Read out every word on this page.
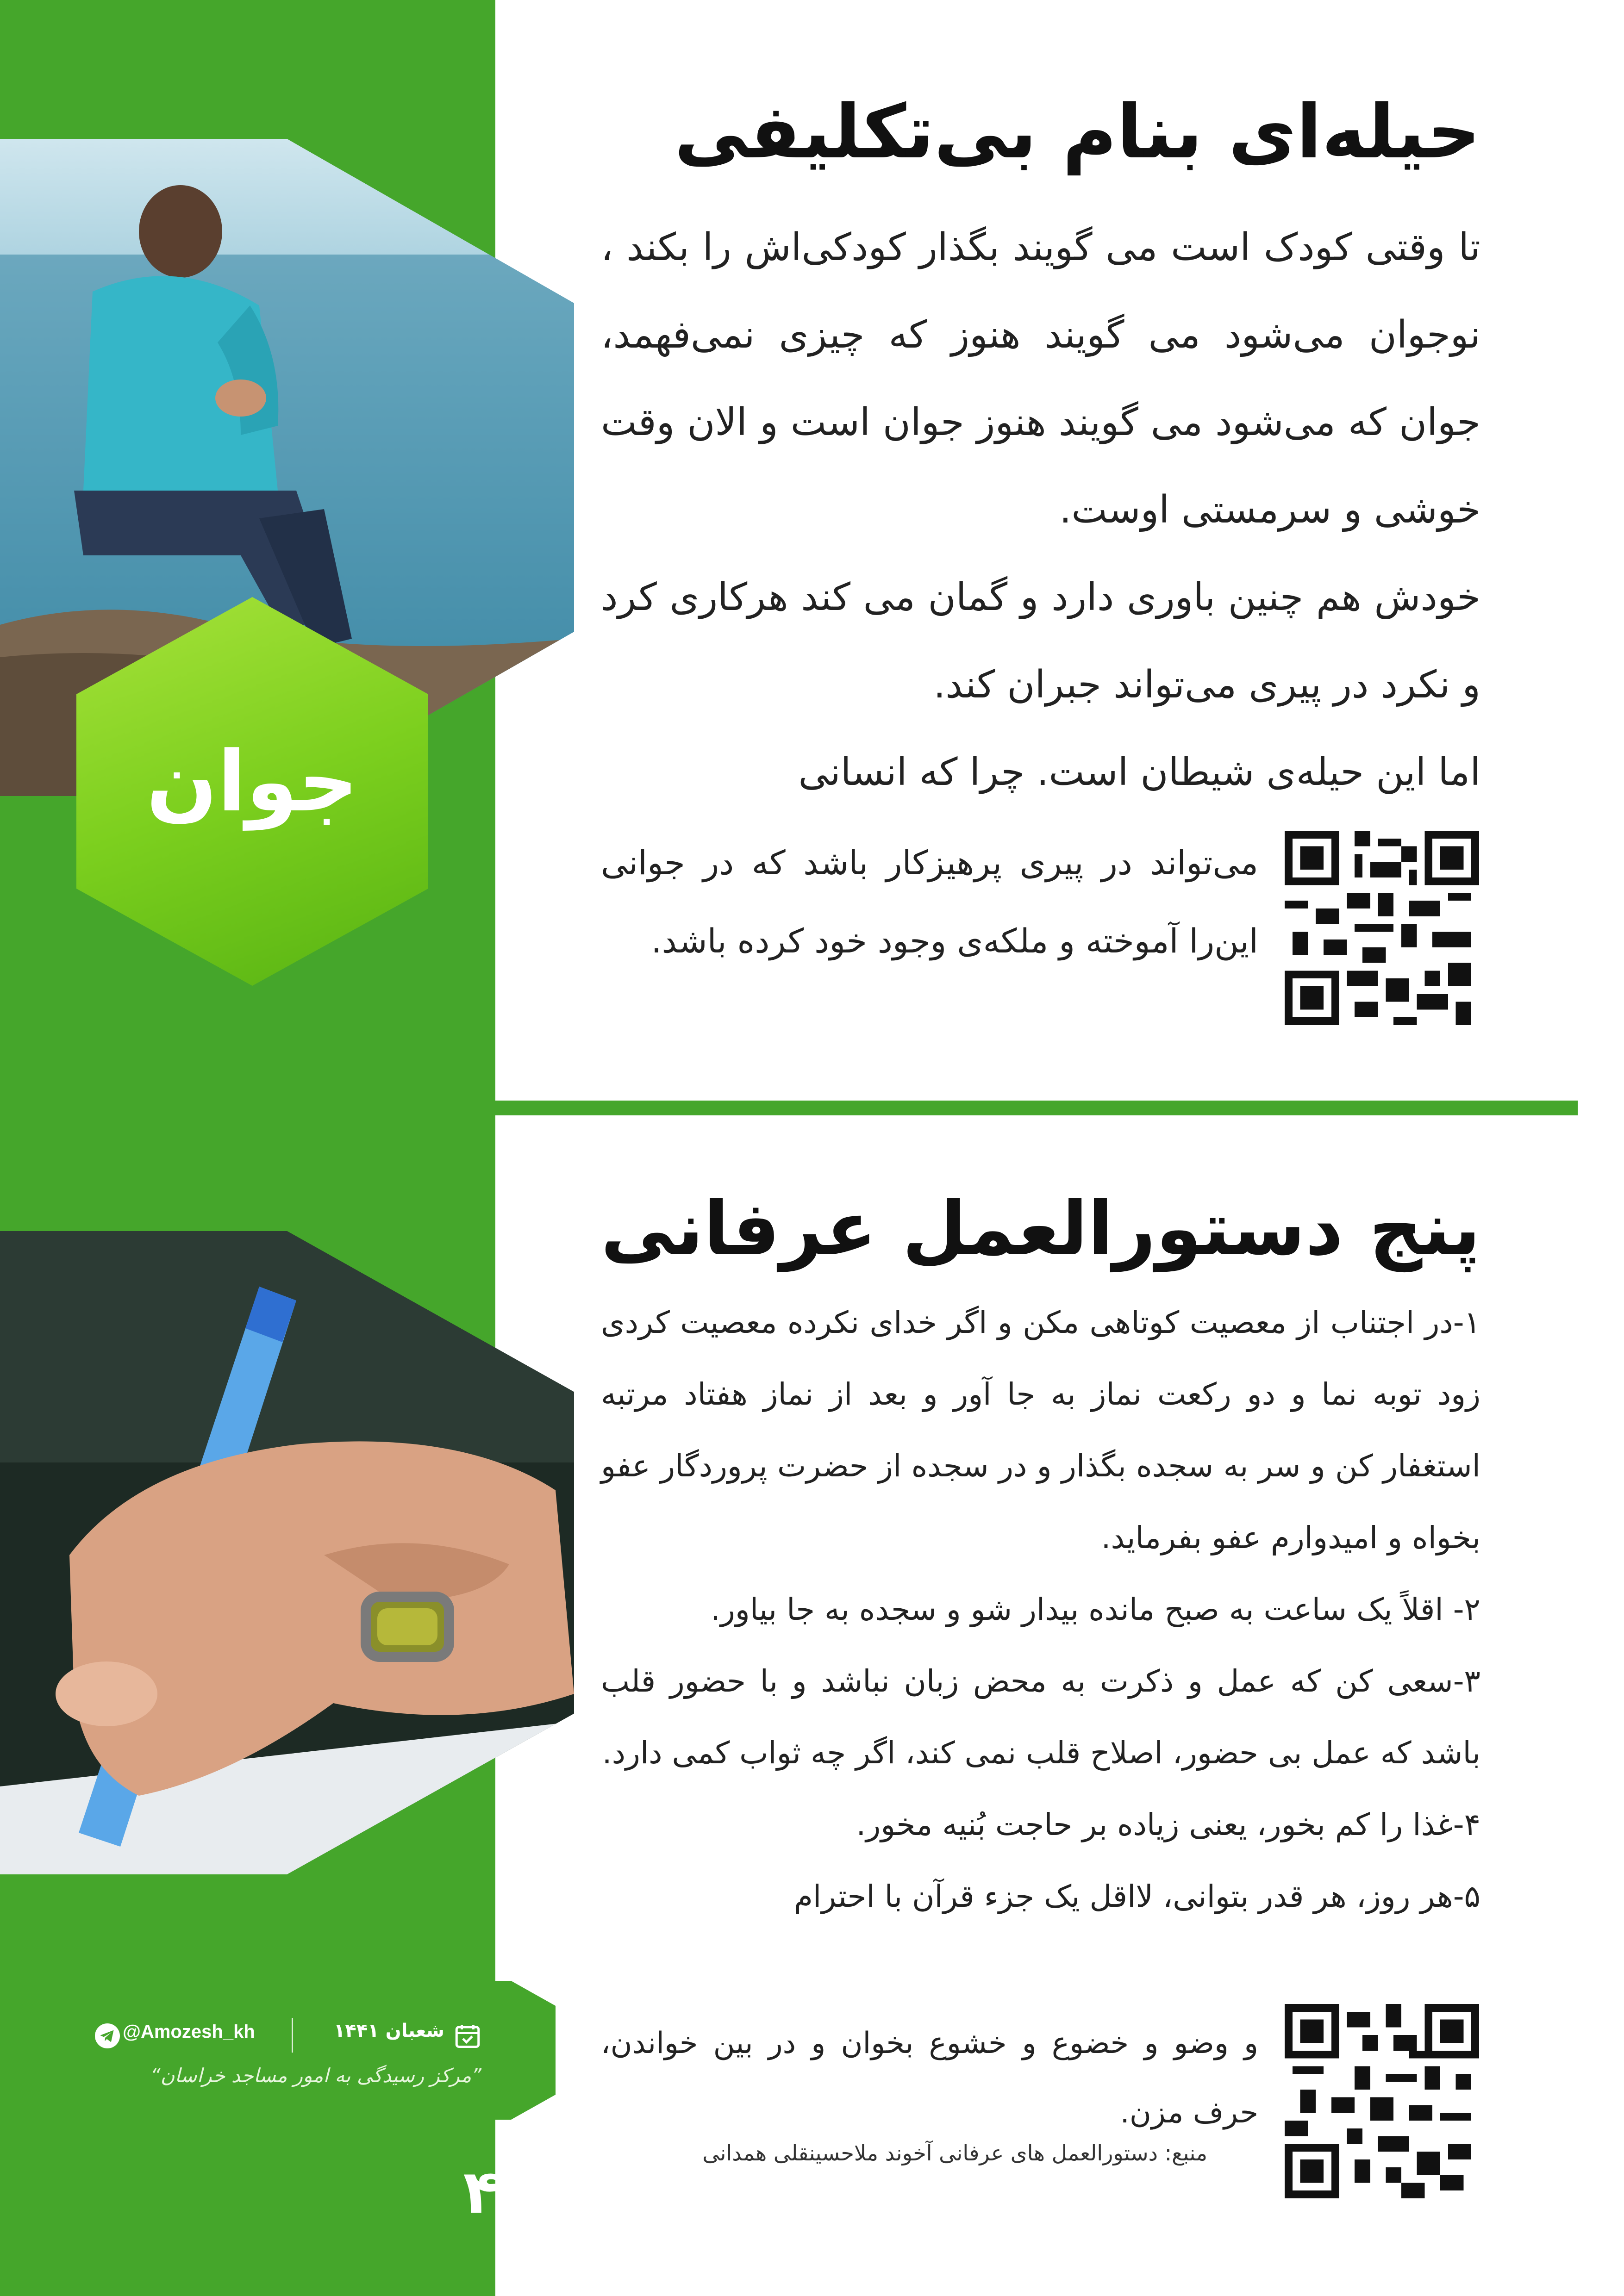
جوان
حیله‌ای بنام بی‌تکلیفی

تا وقتی کودک است می گویند بگذار کودکی‌اش را بکند ، نوجوان می‌شود می گویند هنوز که چیزی نمی‌فهمد، جوان که می‌شود می گویند هنوز جوان است و الان وقت خوشی و سرمستی اوست.

خودش هم چنین باوری دارد و گمان می کند هرکاری کرد و نکرد در پیری می‌تواند جبران کند.

اما این حیله‌ی شیطان است. چرا که انسانی

می‌تواند در پیری پرهیزکار باشد که در جوانی این‌را آموخته و ملکه‌ی وجود خود کرده باشد.
پنج دستورالعمل عرفانی

۱-در اجتناب از معصیت کوتاهی مکن و اگر خدای نکرده معصیت کردی زود توبه نما و دو رکعت نماز به جا آور و بعد از نماز هفتاد مرتبه استغفار کن و سر به سجده بگذار و در سجده از حضرت پروردگار عفو بخواه و امیدوارم عفو بفرماید.

۲- اقلاً یک ساعت به صبح مانده بیدار شو و سجده به جا بیاور.

۳-سعی کن که عمل و ذکرت به محض زبان نباشد و با حضور قلب باشد که عمل بی حضور، اصلاح قلب نمی کند، اگر چه ثواب کمی دارد.

۴-غذا را کم بخور، یعنی زیاده بر حاجت بُنیه مخور.

۵-هر روز، هر قدر بتوانی، لااقل یک جزء قرآن با احترام

و وضو و خضوع و خشوع بخوان و در بین خواندن، حرف مزن.
منبع: دستورالعمل های عرفانی آخوند ملاحسینقلی همدانی
شعبان ۱۴۴۱
@Amozesh_kh
“مرکز رسیدگی به امور مساجد خراسان”
۴
